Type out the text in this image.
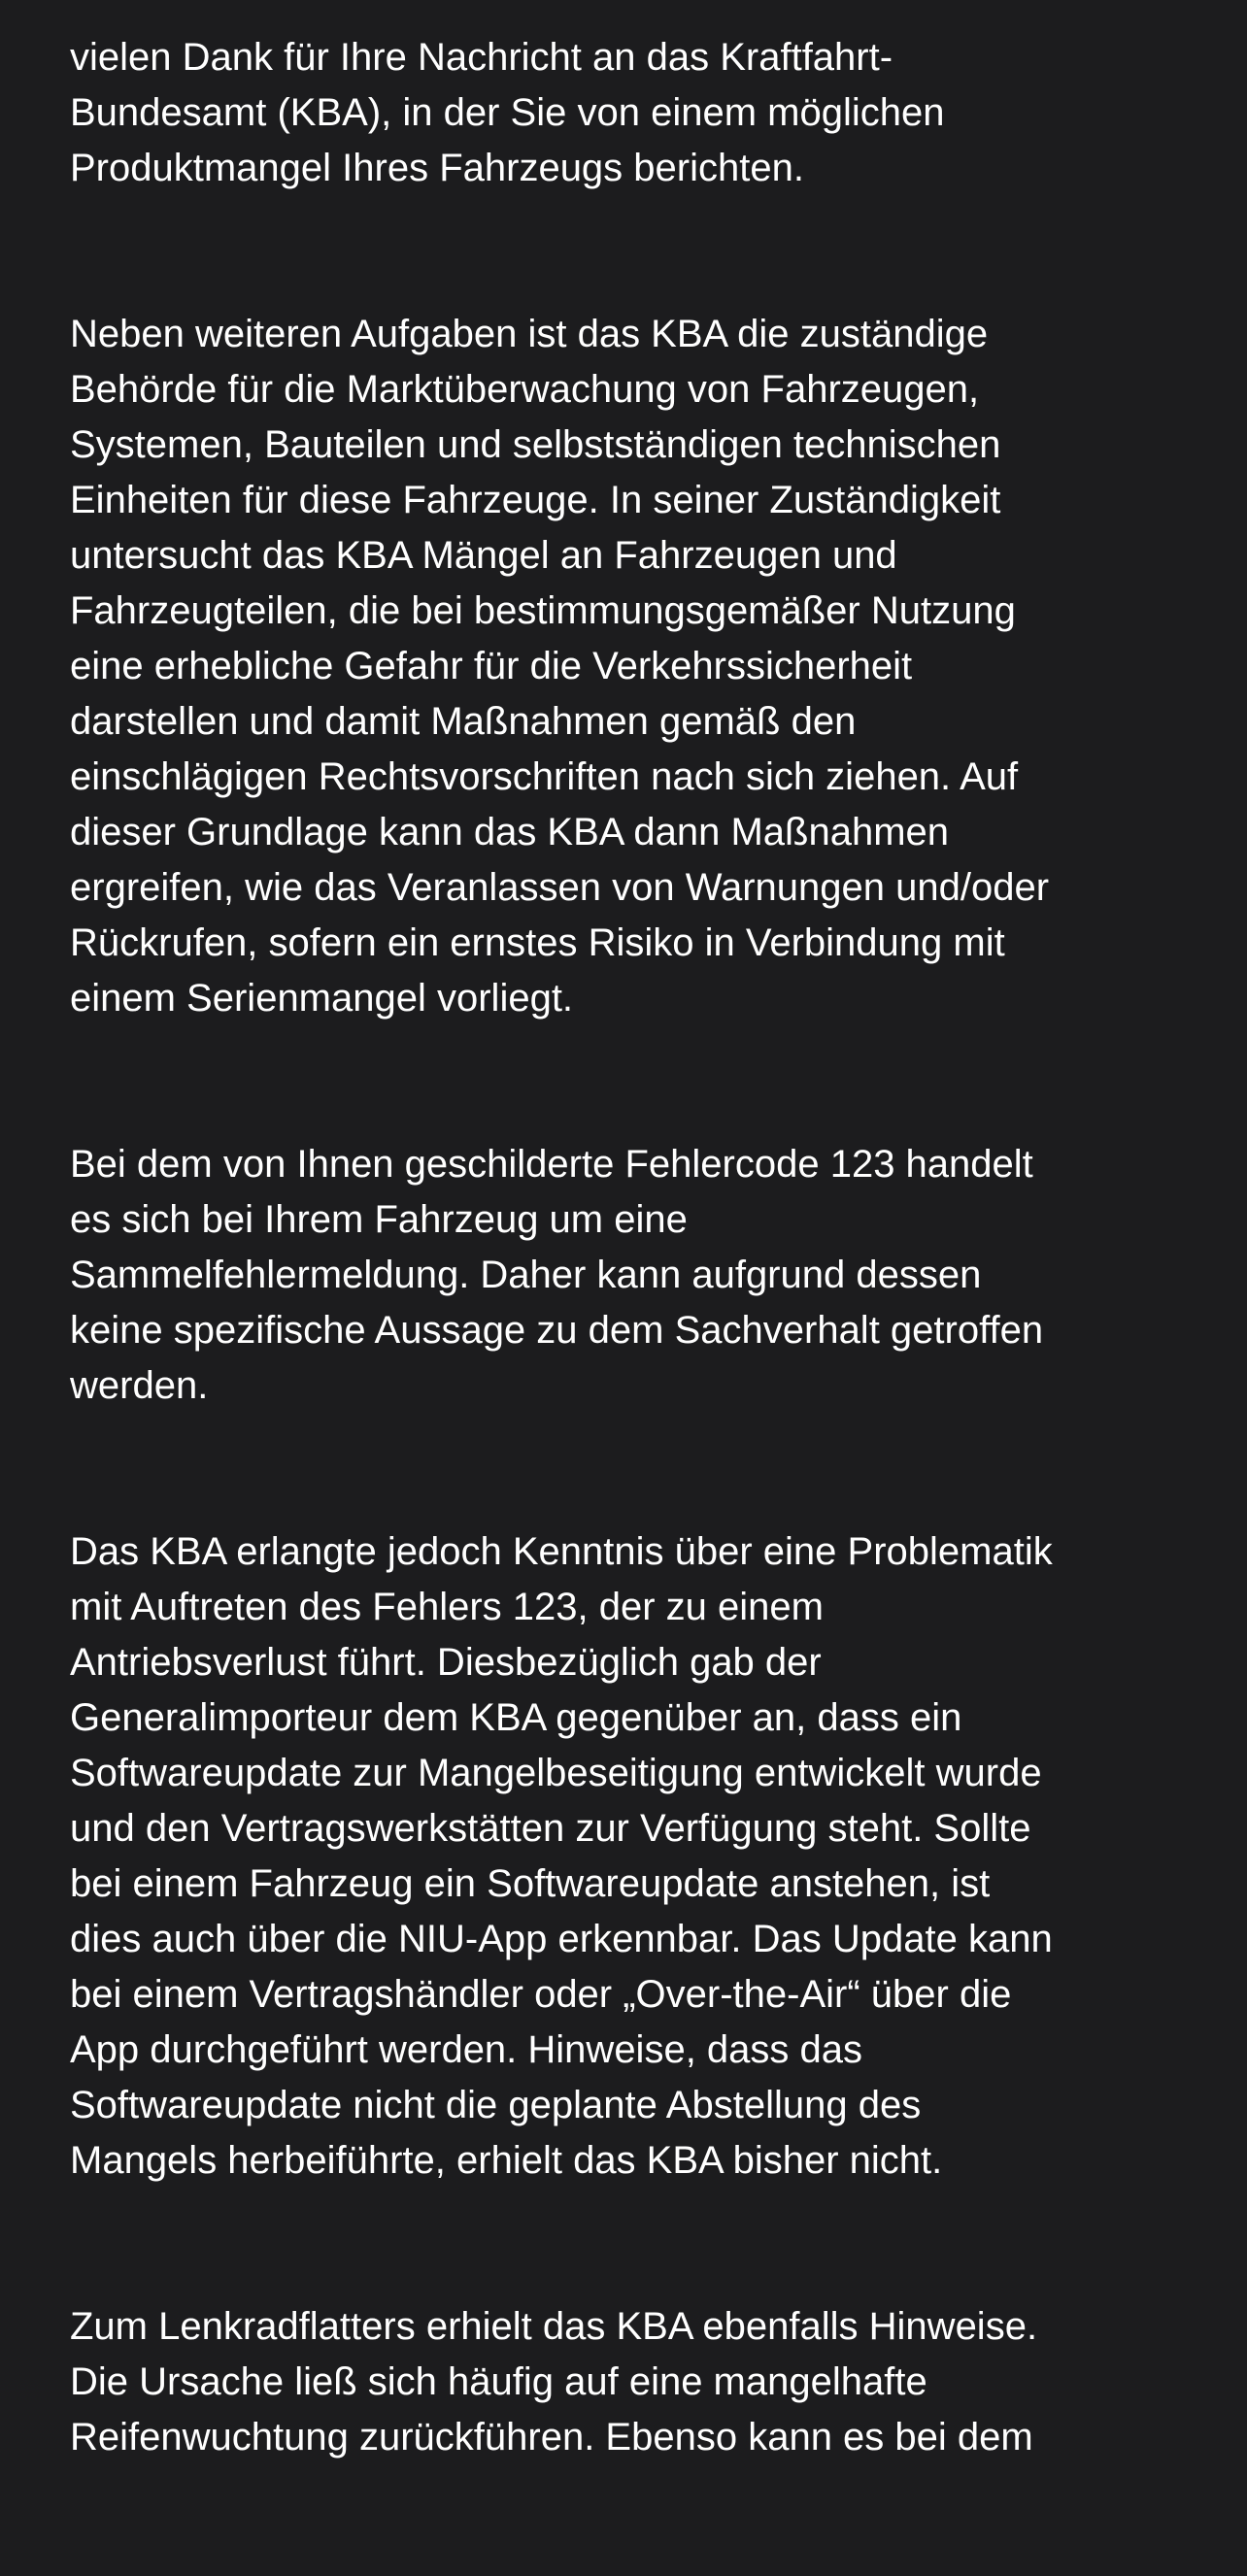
vielen Dank für Ihre Nachricht an das Kraftfahrt-
Bundesamt (KBA), in der Sie von einem möglichen
Produktmangel Ihres Fahrzeugs berichten.

Neben weiteren Aufgaben ist das KBA die zuständige
Behörde für die Marktüberwachung von Fahrzeugen,
Systemen, Bauteilen und selbstständigen technischen
Einheiten für diese Fahrzeuge. In seiner Zuständigkeit
untersucht das KBA Mängel an Fahrzeugen und
Fahrzeugteilen, die bei bestimmungsgemäßer Nutzung
eine erhebliche Gefahr für die Verkehrssicherheit
darstellen und damit Maßnahmen gemäß den
einschlägigen Rechtsvorschriften nach sich ziehen. Auf
dieser Grundlage kann das KBA dann Maßnahmen
ergreifen, wie das Veranlassen von Warnungen und/oder
Rückrufen, sofern ein ernstes Risiko in Verbindung mit
einem Serienmangel vorliegt.

Bei dem von Ihnen geschilderte Fehlercode 123 handelt
es sich bei Ihrem Fahrzeug um eine
Sammelfehlermeldung. Daher kann aufgrund dessen
keine spezifische Aussage zu dem Sachverhalt getroffen
werden.

Das KBA erlangte jedoch Kenntnis über eine Problematik
mit Auftreten des Fehlers 123, der zu einem
Antriebsverlust führt. Diesbezüglich gab der
Generalimporteur dem KBA gegenüber an, dass ein
Softwareupdate zur Mangelbeseitigung entwickelt wurde
und den Vertragswerkstätten zur Verfügung steht. Sollte
bei einem Fahrzeug ein Softwareupdate anstehen, ist
dies auch über die NIU-App erkennbar. Das Update kann
bei einem Vertragshändler oder „Over-the-Air“ über die
App durchgeführt werden. Hinweise, dass das
Softwareupdate nicht die geplante Abstellung des
Mangels herbeiführte, erhielt das KBA bisher nicht.

Zum Lenkradflatters erhielt das KBA ebenfalls Hinweise.
Die Ursache ließ sich häufig auf eine mangelhafte
Reifenwuchtung zurückführen. Ebenso kann es bei dem
